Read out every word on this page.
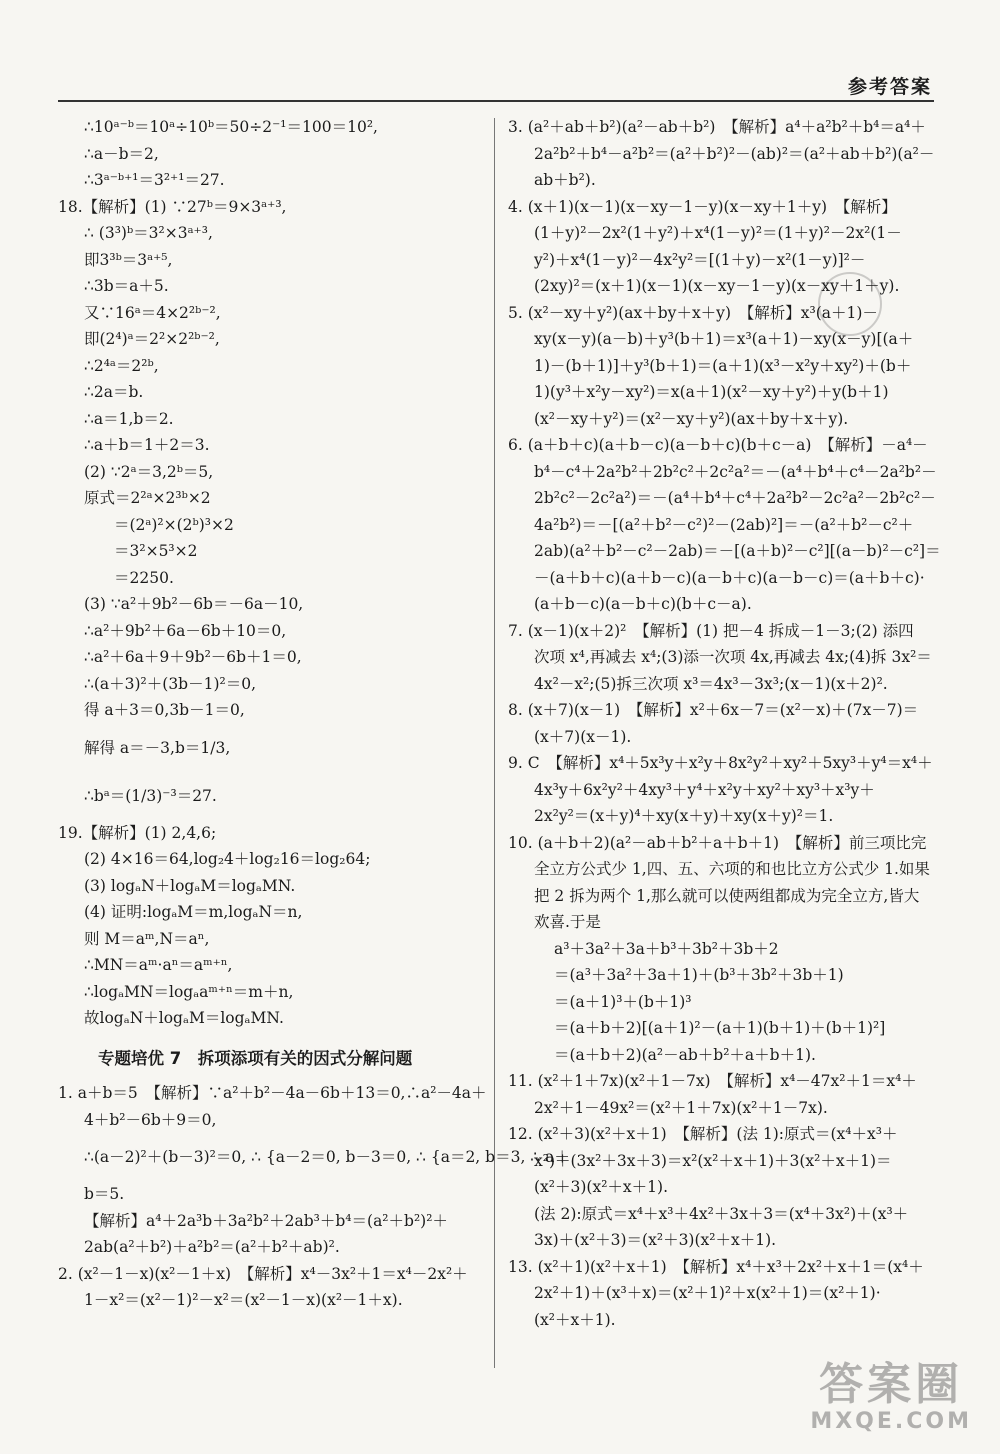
参考答案
∴10ᵃ⁻ᵇ＝10ᵃ÷10ᵇ＝50÷2⁻¹＝100＝10²,
∴a－b＝2,
∴3ᵃ⁻ᵇ⁺¹＝3²⁺¹＝27.
18.【解析】(1) ∵27ᵇ＝9×3ᵃ⁺³,
∴ (3³)ᵇ＝3²×3ᵃ⁺³,
即3³ᵇ＝3ᵃ⁺⁵,
∴3b＝a＋5.
又∵16ᵃ＝4×2²ᵇ⁻²,
即(2⁴)ᵃ＝2²×2²ᵇ⁻²,
∴2⁴ᵃ＝2²ᵇ,
∴2a＝b.
∴a＝1,b＝2.
∴a＋b＝1＋2＝3.
(2) ∵2ᵃ＝3,2ᵇ＝5,
原式＝2²ᵃ×2³ᵇ×2
＝(2ᵃ)²×(2ᵇ)³×2
＝3²×5³×2
＝2250.
(3) ∵a²＋9b²－6b＝－6a－10,
∴a²＋9b²＋6a－6b＋10＝0,
∴a²＋6a＋9＋9b²－6b＋1＝0,
∴(a＋3)²＋(3b－1)²＝0,
得 a＋3＝0,3b－1＝0,
解得 a＝－3,b＝1/3,
∴bᵃ＝(1/3)⁻³＝27.
19.【解析】(1) 2,4,6;
(2) 4×16＝64,log₂4＋log₂16＝log₂64;
(3) logₐN＋logₐM＝logₐMN.
(4) 证明:logₐM＝m,logₐN＝n,
则 M＝aᵐ,N＝aⁿ,
∴MN＝aᵐ·aⁿ＝aᵐ⁺ⁿ,
∴logₐMN＝logₐaᵐ⁺ⁿ＝m＋n,
故logₐN＋logₐM＝logₐMN.
专题培优 7　拆项添项有关的因式分解问题
1. a＋b＝5　【解析】∵a²＋b²－4a－6b＋13＝0,∴a²－4a＋
4＋b²－6b＋9＝0,
∴(a－2)²＋(b－3)²＝0, ∴ {a－2＝0, b－3＝0, ∴ {a＝2, b＝3, ∴ a＋
b＝5.
【解析】a⁴＋2a³b＋3a²b²＋2ab³＋b⁴＝(a²＋b²)²＋
2ab(a²＋b²)＋a²b²＝(a²＋b²＋ab)².
2. (x²－1－x)(x²－1＋x)　【解析】x⁴－3x²＋1＝x⁴－2x²＋
1－x²＝(x²－1)²－x²＝(x²－1－x)(x²－1＋x).
3. (a²＋ab＋b²)(a²－ab＋b²)　【解析】a⁴＋a²b²＋b⁴＝a⁴＋
2a²b²＋b⁴－a²b²＝(a²＋b²)²－(ab)²＝(a²＋ab＋b²)(a²－
ab＋b²).
4. (x＋1)(x－1)(x－xy－1－y)(x－xy＋1＋y)　【解析】
(1＋y)²－2x²(1＋y²)＋x⁴(1－y)²＝(1＋y)²－2x²(1－
y²)＋x⁴(1－y)²－4x²y²＝[(1＋y)－x²(1－y)]²－
(2xy)²＝(x＋1)(x－1)(x－xy－1－y)(x－xy＋1＋y).
5. (x²－xy＋y²)(ax＋by＋x＋y)　【解析】x³(a＋1)－
xy(x－y)(a－b)＋y³(b＋1)＝x³(a＋1)－xy(x－y)[(a＋
1)－(b＋1)]＋y³(b＋1)＝(a＋1)(x³－x²y＋xy²)＋(b＋
1)(y³＋x²y－xy²)＝x(a＋1)(x²－xy＋y²)＋y(b＋1)
(x²－xy＋y²)＝(x²－xy＋y²)(ax＋by＋x＋y).
6. (a＋b＋c)(a＋b－c)(a－b＋c)(b＋c－a)　【解析】－a⁴－
b⁴－c⁴＋2a²b²＋2b²c²＋2c²a²＝－(a⁴＋b⁴＋c⁴－2a²b²－
2b²c²－2c²a²)＝－(a⁴＋b⁴＋c⁴＋2a²b²－2c²a²－2b²c²－
4a²b²)＝－[(a²＋b²－c²)²－(2ab)²]＝－(a²＋b²－c²＋
2ab)(a²＋b²－c²－2ab)＝－[(a＋b)²－c²][(a－b)²－c²]＝
－(a＋b＋c)(a＋b－c)(a－b＋c)(a－b－c)＝(a＋b＋c)·
(a＋b－c)(a－b＋c)(b＋c－a).
7. (x－1)(x＋2)²　【解析】(1) 把－4 拆成－1－3;(2) 添四
次项 x⁴,再减去 x⁴;(3)添一次项 4x,再减去 4x;(4)拆 3x²＝
4x²－x²;(5)拆三次项 x³＝4x³－3x³;(x－1)(x＋2)².
8. (x＋7)(x－1)　【解析】x²＋6x－7＝(x²－x)＋(7x－7)＝
(x＋7)(x－1).
9. C　【解析】x⁴＋5x³y＋x²y＋8x²y²＋xy²＋5xy³＋y⁴＝x⁴＋
4x³y＋6x²y²＋4xy³＋y⁴＋x²y＋xy²＋xy³＋x³y＋
2x²y²＝(x＋y)⁴＋xy(x＋y)＋xy(x＋y)²＝1.
10. (a＋b＋2)(a²－ab＋b²＋a＋b＋1)　【解析】前三项比完
全立方公式少 1,四、五、六项的和也比立方公式少 1.如果
把 2 拆为两个 1,那么就可以使两组都成为完全立方,皆大
欢喜.于是
a³＋3a²＋3a＋b³＋3b²＋3b＋2
＝(a³＋3a²＋3a＋1)＋(b³＋3b²＋3b＋1)
＝(a＋1)³＋(b＋1)³
＝(a＋b＋2)[(a＋1)²－(a＋1)(b＋1)＋(b＋1)²]
＝(a＋b＋2)(a²－ab＋b²＋a＋b＋1).
11. (x²＋1＋7x)(x²＋1－7x)　【解析】x⁴－47x²＋1＝x⁴＋
2x²＋1－49x²＝(x²＋1＋7x)(x²＋1－7x).
12. (x²＋3)(x²＋x＋1)　【解析】(法 1):原式＝(x⁴＋x³＋
x²)＋(3x²＋3x＋3)＝x²(x²＋x＋1)＋3(x²＋x＋1)＝
(x²＋3)(x²＋x＋1).
(法 2):原式＝x⁴＋x³＋4x²＋3x＋3＝(x⁴＋3x²)＋(x³＋
3x)＋(x²＋3)＝(x²＋3)(x²＋x＋1).
13. (x²＋1)(x²＋x＋1)　【解析】x⁴＋x³＋2x²＋x＋1＝(x⁴＋
2x²＋1)＋(x³＋x)＝(x²＋1)²＋x(x²＋1)＝(x²＋1)·
(x²＋x＋1).
答案圈
MXQE.COM
